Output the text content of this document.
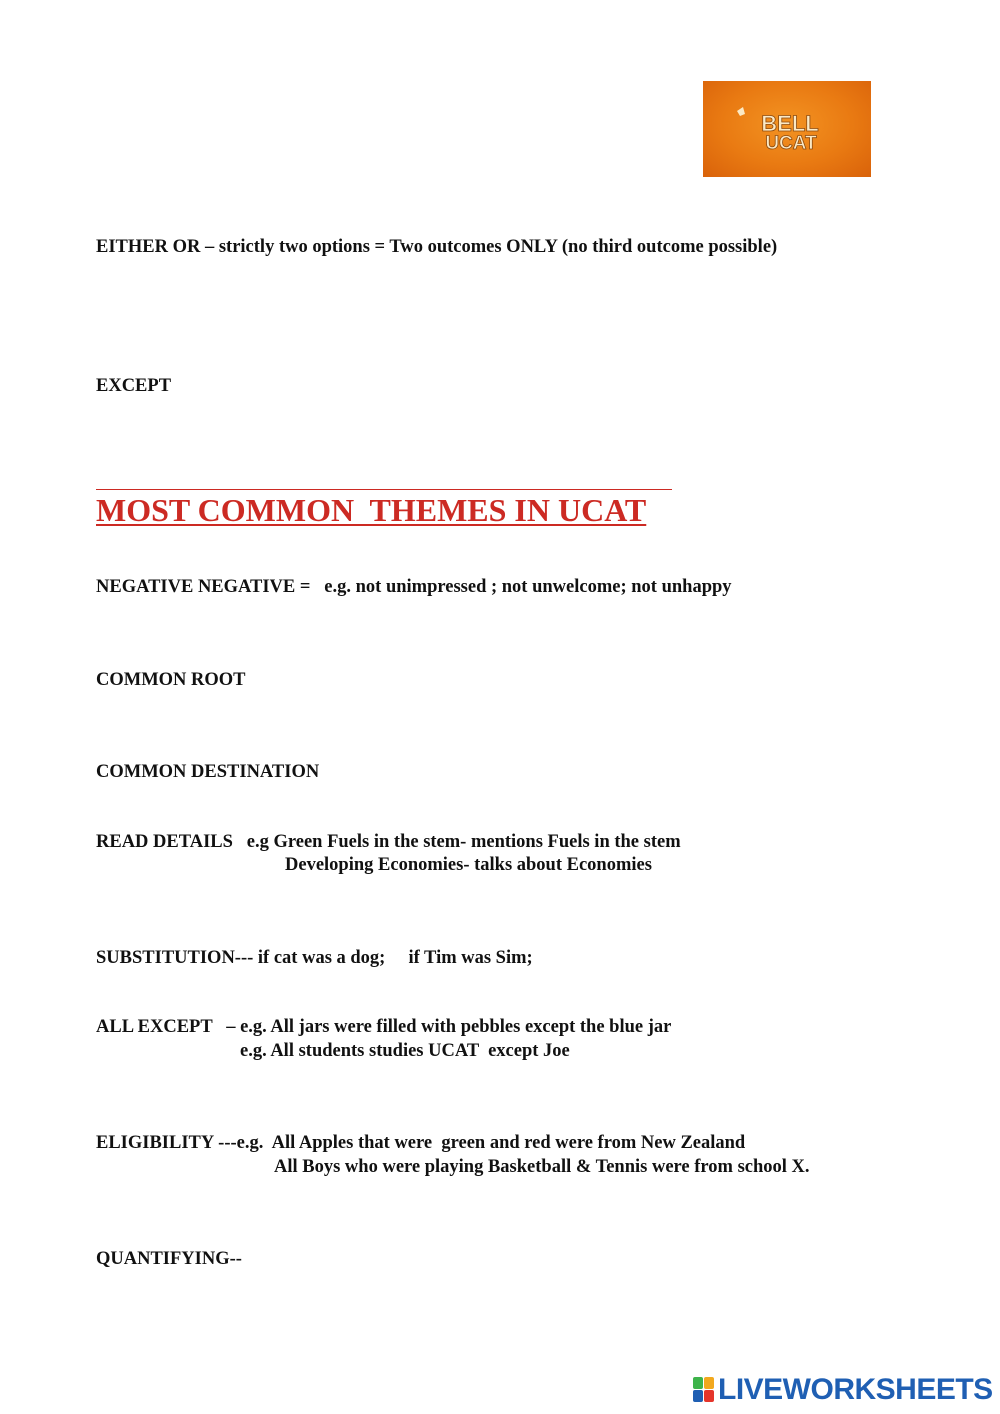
BELL
UCAT
EITHER OR – strictly two options = Two outcomes ONLY (no third outcome possible)
EXCEPT
MOST COMMON  THEMES IN UCAT
NEGATIVE NEGATIVE =   e.g. not unimpressed ; not unwelcome; not unhappy
COMMON ROOT
COMMON DESTINATION
READ DETAILS   e.g Green Fuels in the stem- mentions Fuels in the stem
Developing Economies- talks about Economies
SUBSTITUTION--- if cat was a dog;     if Tim was Sim;
ALL EXCEPT   – e.g. All jars were filled with pebbles except the blue jar
e.g. All students studies UCAT  except Joe
ELIGIBILITY ---e.g.  All Apples that were  green and red were from New Zealand
All Boys who were playing Basketball & Tennis were from school X.
QUANTIFYING--
LIVEWORKSHEETS
